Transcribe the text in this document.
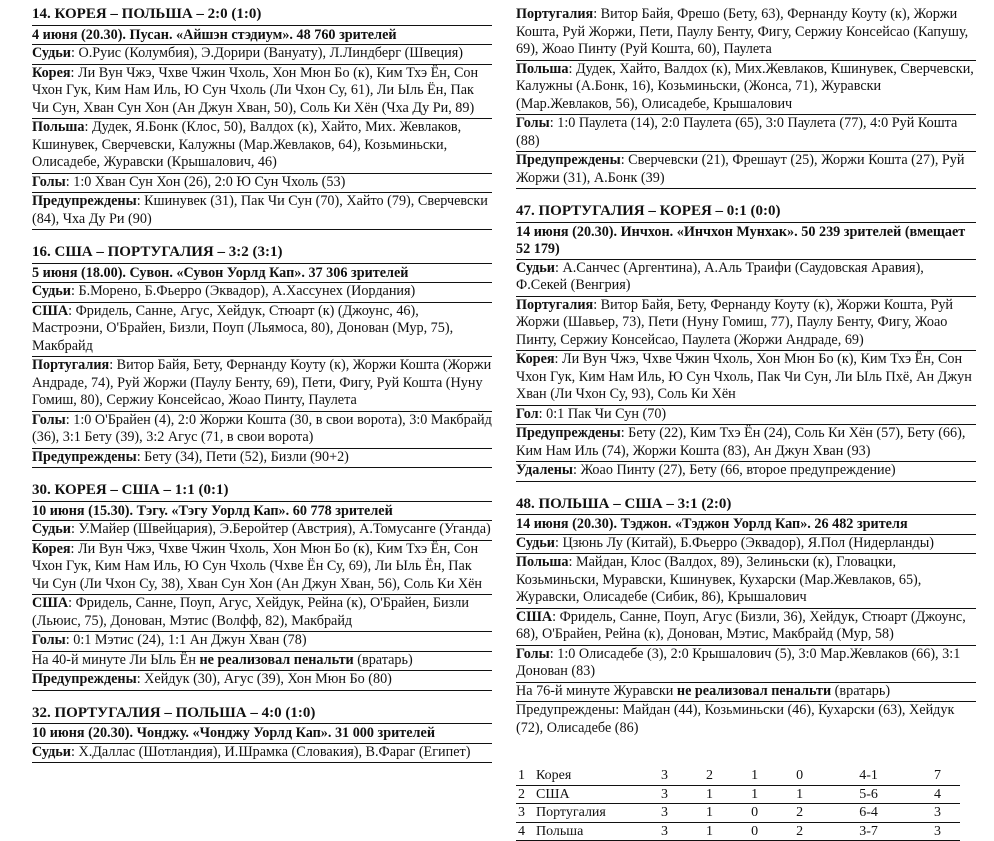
14. КОРЕЯ – ПОЛЬША – 2:0 (1:0)
4 июня (20.30). Пусан. «Айшэн стэдиум». 48 760 зрителей
Судьи: О.Руис (Колумбия), Э.Дорири (Вануату), Л.Линдберг (Швеция)
Корея: Ли Вун Чжэ, Чхве Чжин Чхоль, Хон Мюн Бо (к), Ким Тхэ Ён, Сон Чхон Гук, Ким Нам Иль, Ю Сун Чхоль (Ли Чхон Су, 61), Ли Ыль Ён, Пак Чи Сун, Хван Сун Хон (Ан Джун Хван, 50), Соль Ки Хён (Чха Ду Ри, 89)
Польша: Дудек, Я.Бонк (Клос, 50), Валдох (к), Хайто, Мих. Жевлаков, Кшинувек, Сверчевски, Калужны (Мар.Жевлаков, 64), Козьминьски, Олисадебе, Журавски (Крышалович, 46)
Голы: 1:0 Хван Сун Хон (26), 2:0 Ю Сун Чхоль (53)
Предупреждены: Кшинувек (31), Пак Чи Сун (70), Хайто (79), Сверчевски (84), Чха Ду Ри (90)
16. США – ПОРТУГАЛИЯ – 3:2 (3:1)
5 июня (18.00). Сувон. «Сувон Уорлд Кап». 37 306 зрителей
Судьи: Б.Морено, Б.Фьерро (Эквадор), А.Хассунех (Иордания)
США: Фридель, Санне, Агус, Хейдук, Стюарт (к) (Джоунс, 46), Мастроэни, О'Брайен, Бизли, Поуп (Льямоса, 80), Донован (Мур, 75), Макбрайд
Португалия: Витор Байя, Бету, Фернанду Коуту (к), Жоржи Кошта (Жоржи Андраде, 74), Руй Жоржи (Паулу Бенту, 69), Пети, Фигу, Руй Кошта (Нуну Гомиш, 80), Сержиу Консейсао, Жоао Пинту, Паулета
Голы: 1:0 О'Брайен (4), 2:0 Жоржи Кошта (30, в свои ворота), 3:0 Макбрайд (36), 3:1 Бету (39), 3:2 Агус (71, в свои ворота)
Предупреждены: Бету (34), Пети (52), Бизли (90+2)
30. КОРЕЯ – США – 1:1 (0:1)
10 июня (15.30). Тэгу. «Тэгу Уорлд Кап». 60 778 зрителей
Судьи: У.Майер (Швейцария), Э.Беройтер (Австрия), А.Томусанге (Уганда)
Корея: Ли Вун Чжэ, Чхве Чжин Чхоль, Хон Мюн Бо (к), Ким Тхэ Ён, Сон Чхон Гук, Ким Нам Иль, Ю Сун Чхоль (Чхве Ён Су, 69), Ли Ыль Ён, Пак Чи Сун (Ли Чхон Су, 38), Хван Сун Хон (Ан Джун Хван, 56), Соль Ки Хён
США: Фридель, Санне, Поуп, Агус, Хейдук, Рейна (к), О'Брайен, Бизли (Льюис, 75), Донован, Мэтис (Волфф, 82), Макбрайд
Голы: 0:1 Мэтис (24), 1:1 Ан Джун Хван (78)
На 40-й минуте Ли Ыль Ён не реализовал пенальти (вратарь)
Предупреждены: Хейдук (30), Агус (39), Хон Мюн Бо (80)
32. ПОРТУГАЛИЯ – ПОЛЬША – 4:0 (1:0)
10 июня (20.30). Чонджу. «Чонджу Уорлд Кап». 31 000 зрителей
Судьи: Х.Даллас (Шотландия), И.Шрамка (Словакия), В.Фараг (Египет)
Португалия: Витор Байя, Фрешо (Бету, 63), Фернанду Коуту (к), Жоржи Кошта, Руй Жоржи, Пети, Паулу Бенту, Фигу, Сержиу Консейсао (Капушу, 69), Жоао Пинту (Руй Кошта, 60), Паулета
Польша: Дудек, Хайто, Валдох (к), Мих.Жевлаков, Кшинувек, Сверчевски, Калужны (А.Бонк, 16), Козьминьски, (Жонса, 71), Журавски (Мар.Жевлаков, 56), Олисадебе, Крышалович
Голы: 1:0 Паулета (14), 2:0 Паулета (65), 3:0 Паулета (77), 4:0 Руй Кошта (88)
Предупреждены: Сверчевски (21), Фрешаут (25), Жоржи Кошта (27), Руй Жоржи (31), А.Бонк (39)
47. ПОРТУГАЛИЯ – КОРЕЯ – 0:1 (0:0)
14 июня (20.30). Инчхон. «Инчхон Мунхак». 50 239 зрителей (вмещает 52 179)
Судьи: А.Санчес (Аргентина), А.Аль Траифи (Саудовская Аравия), Ф.Секей (Венгрия)
Португалия: Витор Байя, Бету, Фернанду Коуту (к), Жоржи Кошта, Руй Жоржи (Шавьер, 73), Пети (Нуну Гомиш, 77), Паулу Бенту, Фигу, Жоао Пинту, Сержиу Консейсао, Паулета (Жоржи Андраде, 69)
Корея: Ли Вун Чжэ, Чхве Чжин Чхоль, Хон Мюн Бо (к), Ким Тхэ Ён, Сон Чхон Гук, Ким Нам Иль, Ю Сун Чхоль, Пак Чи Сун, Ли Ыль Пхё, Ан Джун Хван (Ли Чхон Су, 93), Соль Ки Хён
Гол: 0:1 Пак Чи Сун (70)
Предупреждены: Бету (22), Ким Тхэ Ён (24), Соль Ки Хён (57), Бету (66), Ким Нам Иль (74), Жоржи Кошта (83), Ан Джун Хван (93)
Удалены: Жоао Пинту (27), Бету (66, второе предупреждение)
48. ПОЛЬША – США – 3:1 (2:0)
14 июня (20.30). Тэджон. «Тэджон Уорлд Кап». 26 482 зрителя
Судьи: Цзюнь Лу (Китай), Б.Фьерро (Эквадор), Я.Пол (Нидерланды)
Польша: Майдан, Клос (Валдох, 89), Зелиньски (к), Гловацки, Козьминьски, Муравски, Кшинувек, Кухарски (Мар.Жевлаков, 65), Журавски, Олисадебе (Сибик, 86), Крышалович
США: Фридель, Санне, Поуп, Агус (Бизли, 36), Хейдук, Стюарт (Джоунс, 68), О'Брайен, Рейна (к), Донован, Мэтис, Макбрайд (Мур, 58)
Голы: 1:0 Олисадебе (3), 2:0 Крышалович (5), 3:0 Мар.Жевлаков (66), 3:1 Донован (83)
На 76-й минуте Журавски не реализовал пенальти (вратарь)
Предупреждены: Майдан (44), Козьминьски (46), Кухарски (63), Хейдук (72), Олисадебе (86)
1	Корея	3	2	1	0	4-1	7
2	США	3	1	1	1	5-6	4
3	Португалия	3	1	0	2	6-4	3
4	Польша	3	1	0	2	3-7	3
